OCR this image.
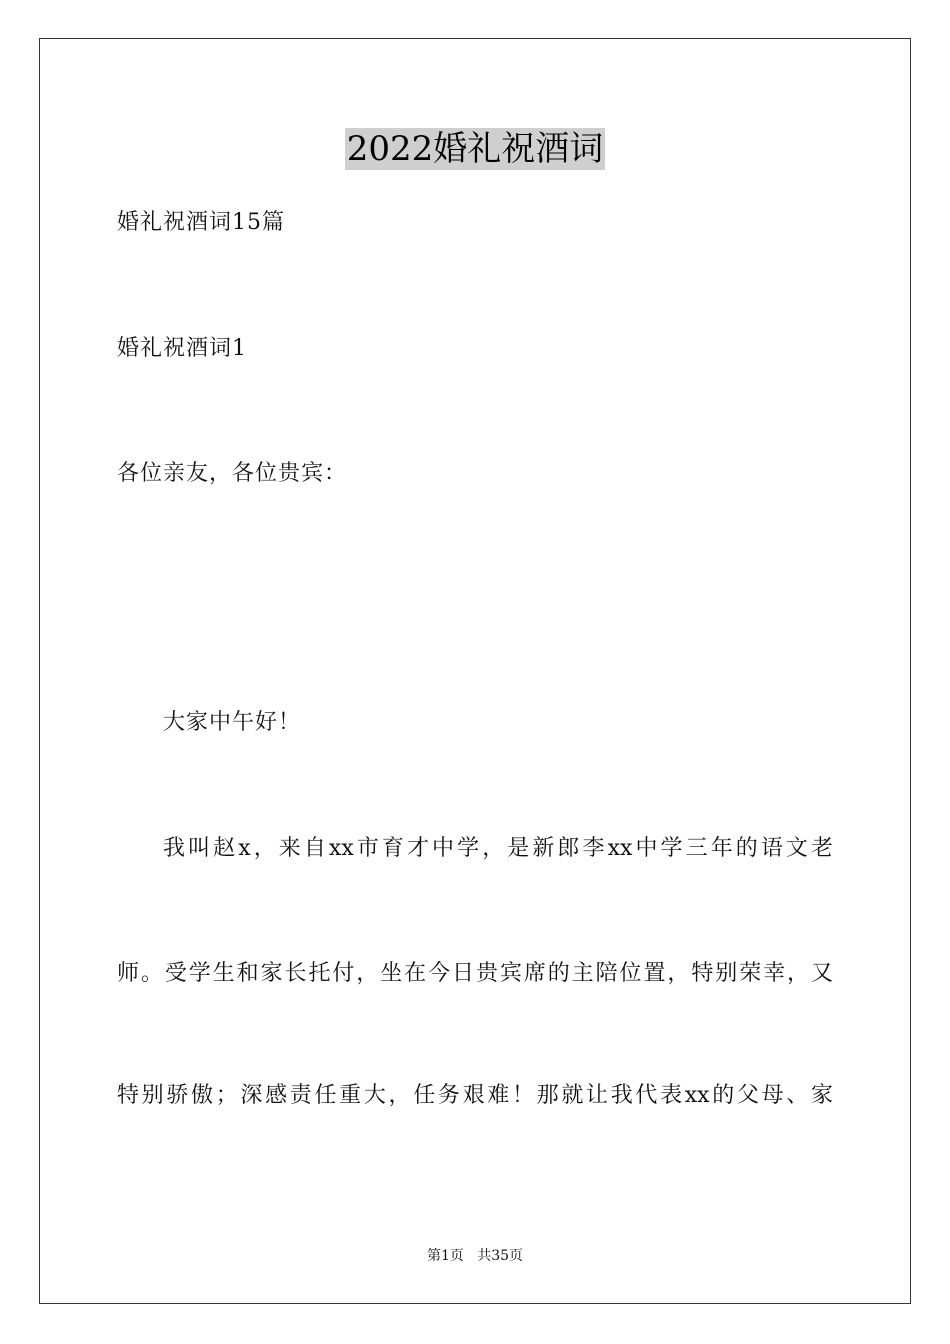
2022婚礼祝酒词
婚礼祝酒词15篇
婚礼祝酒词1
各位亲友，各位贵宾：
大家中午好！
我叫赵x，来自xx市育才中学，是新郎李xx中学三年的语文老
师。受学生和家长托付，坐在今日贵宾席的主陪位置，特别荣幸，又
特别骄傲；深感责任重大，任务艰难！那就让我代表xx的父母、家
第1页   共35页
